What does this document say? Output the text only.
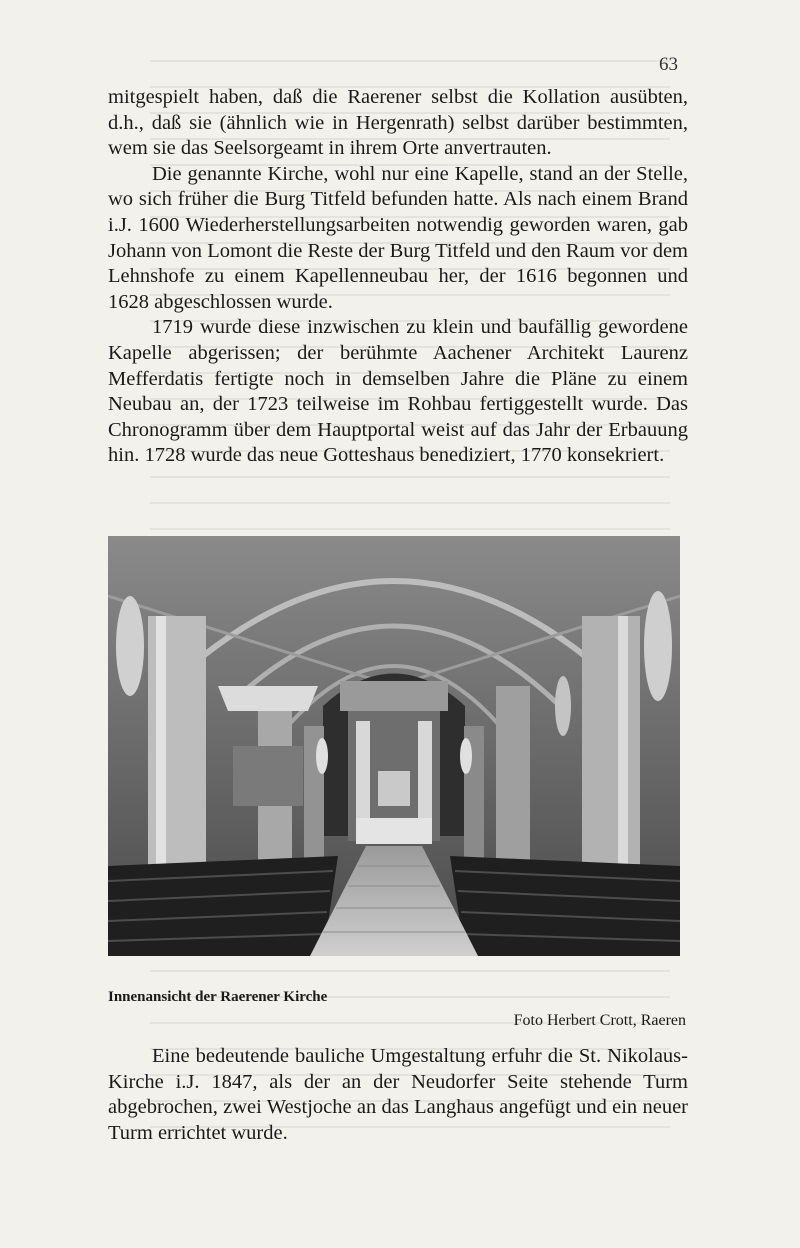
63

mitgespielt haben, daß die Raerener selbst die Kollation ausübten, d.h., daß sie (ähnlich wie in Hergenrath) selbst darüber bestimmten, wem sie das Seelsorgeamt in ihrem Orte anvertrauten.

Die genannte Kirche, wohl nur eine Kapelle, stand an der Stelle, wo sich früher die Burg Titfeld befunden hatte. Als nach einem Brand i.J. 1600 Wiederherstellungsarbeiten notwendig geworden waren, gab Johann von Lomont die Reste der Burg Titfeld und den Raum vor dem Lehnshofe zu einem Kapellenneubau her, der 1616 begonnen und 1628 abgeschlossen wurde.

1719 wurde diese inzwischen zu klein und baufällig gewordene Kapelle abgerissen; der berühmte Aachener Architekt Laurenz Mefferdatis fertigte noch in demselben Jahre die Pläne zu einem Neubau an, der 1723 teilweise im Rohbau fertiggestellt wurde. Das Chronogramm über dem Hauptportal weist auf das Jahr der Erbauung hin. 1728 wurde das neue Gotteshaus benediziert, 1770 konsekriert.

Innenansicht der Raerener Kirche
Foto Herbert Crott, Raeren

Eine bedeutende bauliche Umgestaltung erfuhr die St. Nikolaus-Kirche i.J. 1847, als der an der Neudorfer Seite stehende Turm abgebrochen, zwei Westjoche an das Langhaus angefügt und ein neuer Turm errichtet wurde.
